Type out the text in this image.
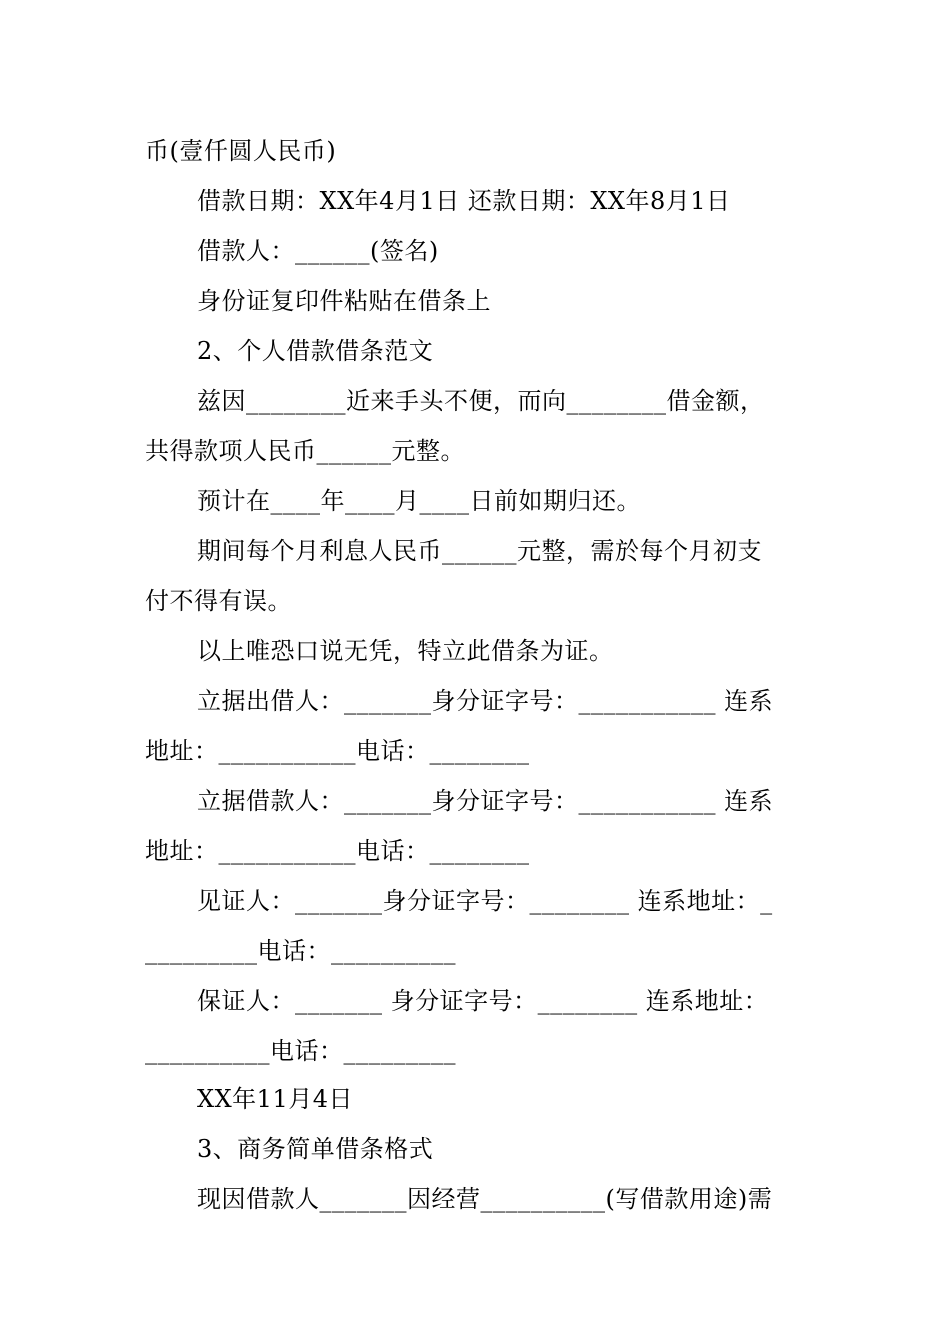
币(壹仟圆人民币)
借款日期：XX年4月1日 还款日期：XX年8月1日
借款人：______(签名)
身份证复印件粘贴在借条上
2、个人借款借条范文
兹因________近来手头不便，而向________借金额，
共得款项人民币______元整。
预计在____年____月____日前如期归还。
期间每个月利息人民币______元整，需於每个月初支
付不得有误。
以上唯恐口说无凭，特立此借条为证。
立据出借人：_______身分证字号：___________ 连系
地址：___________电话：________
立据借款人：_______身分证字号：___________ 连系
地址：___________电话：________
见证人：_______身分证字号：________ 连系地址：_
_________电话：__________
保证人：_______ 身分证字号：________ 连系地址：
__________电话：_________
XX年11月4日
3、商务简单借条格式
现因借款人_______因经营__________(写借款用途)需
